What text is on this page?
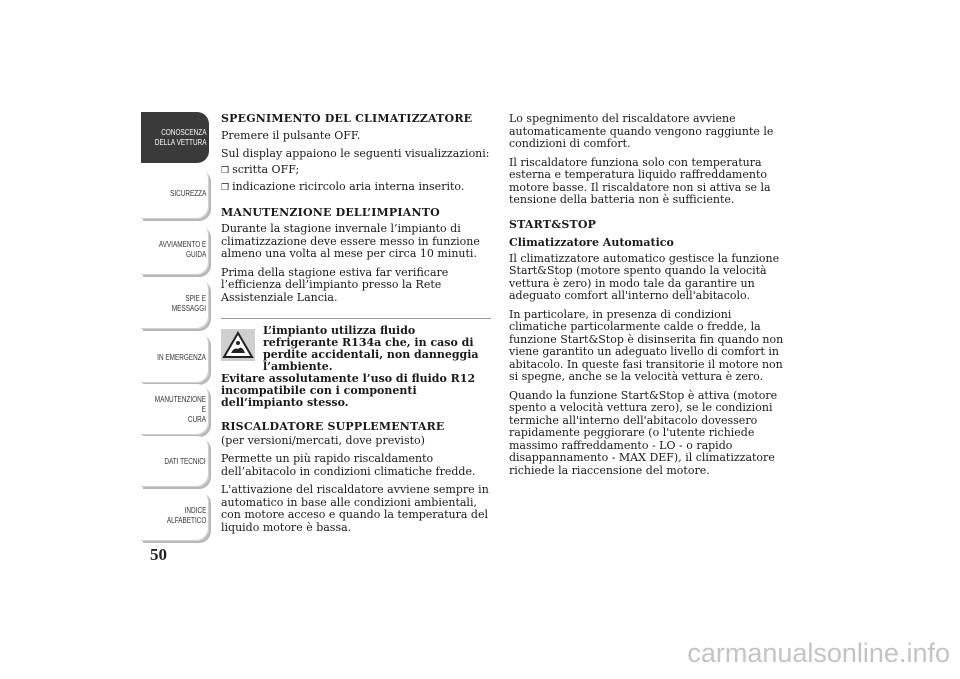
CONOSCENZA
DELLA VETTURA
SICUREZZA
AVVIAMENTO E
GUIDA
SPIE E MESSAGGI
IN EMERGENZA
MANUTENZIONE E
CURA
DATI TECNICI
INDICE
ALFABETICO
50
SPEGNIMENTO DEL CLIMATIZZATORE

Premere il pulsante OFF.

Sul display appaiono le seguenti visualizzazioni:

❒ scritta OFF;
❒ indicazione ricircolo aria interna inserito.
MANUTENZIONE DELL’IMPIANTO

Durante la stagione invernale l’impianto di climatizzazione deve essere messo in funzione almeno una volta al mese per circa 10 minuti.

Prima della stagione estiva far verificare l’efficienza dell’impianto presso la Rete Assistenziale Lancia.

L’impianto utilizza fluido refrigerante R134a che, in caso di perdite accidentali, non danneggia l’ambiente.
Evitare assolutamente l’uso di fluido R12 incompatibile con i componenti dell’impianto stesso.
RISCALDATORE SUPPLEMENTARE

(per versioni/mercati, dove previsto)

Permette un più rapido riscaldamento dell’abitacolo in condizioni climatiche fredde.

L'attivazione del riscaldatore avviene sempre in automatico in base alle condizioni ambientali, con motore acceso e quando la temperatura del liquido motore è bassa.

Lo spegnimento del riscaldatore avviene automaticamente quando vengono raggiunte le condizioni di comfort.

Il riscaldatore funziona solo con temperatura esterna e temperatura liquido raffreddamento motore basse. Il riscaldatore non si attiva se la tensione della batteria non è sufficiente.

START&STOP
Climatizzatore Automatico

Il climatizzatore automatico gestisce la funzione Start&Stop (motore spento quando la velocità vettura è zero) in modo tale da garantire un adeguato comfort all'interno dell'abitacolo.

In particolare, in presenza di condizioni climatiche particolarmente calde o fredde, la funzione Start&Stop è disinserita fin quando non viene garantito un adeguato livello di comfort in abitacolo. In queste fasi transitorie il motore non si spegne, anche se la velocità vettura è zero.

Quando la funzione Start&Stop è attiva (motore spento a velocità vettura zero), se le condizioni termiche all'interno dell'abitacolo dovessero rapidamente peggiorare (o l'utente richiede massimo raffreddamento - LO - o rapido disappannamento - MAX DEF), il climatizzatore richiede la riaccensione del motore.

carmanualsonline.info
